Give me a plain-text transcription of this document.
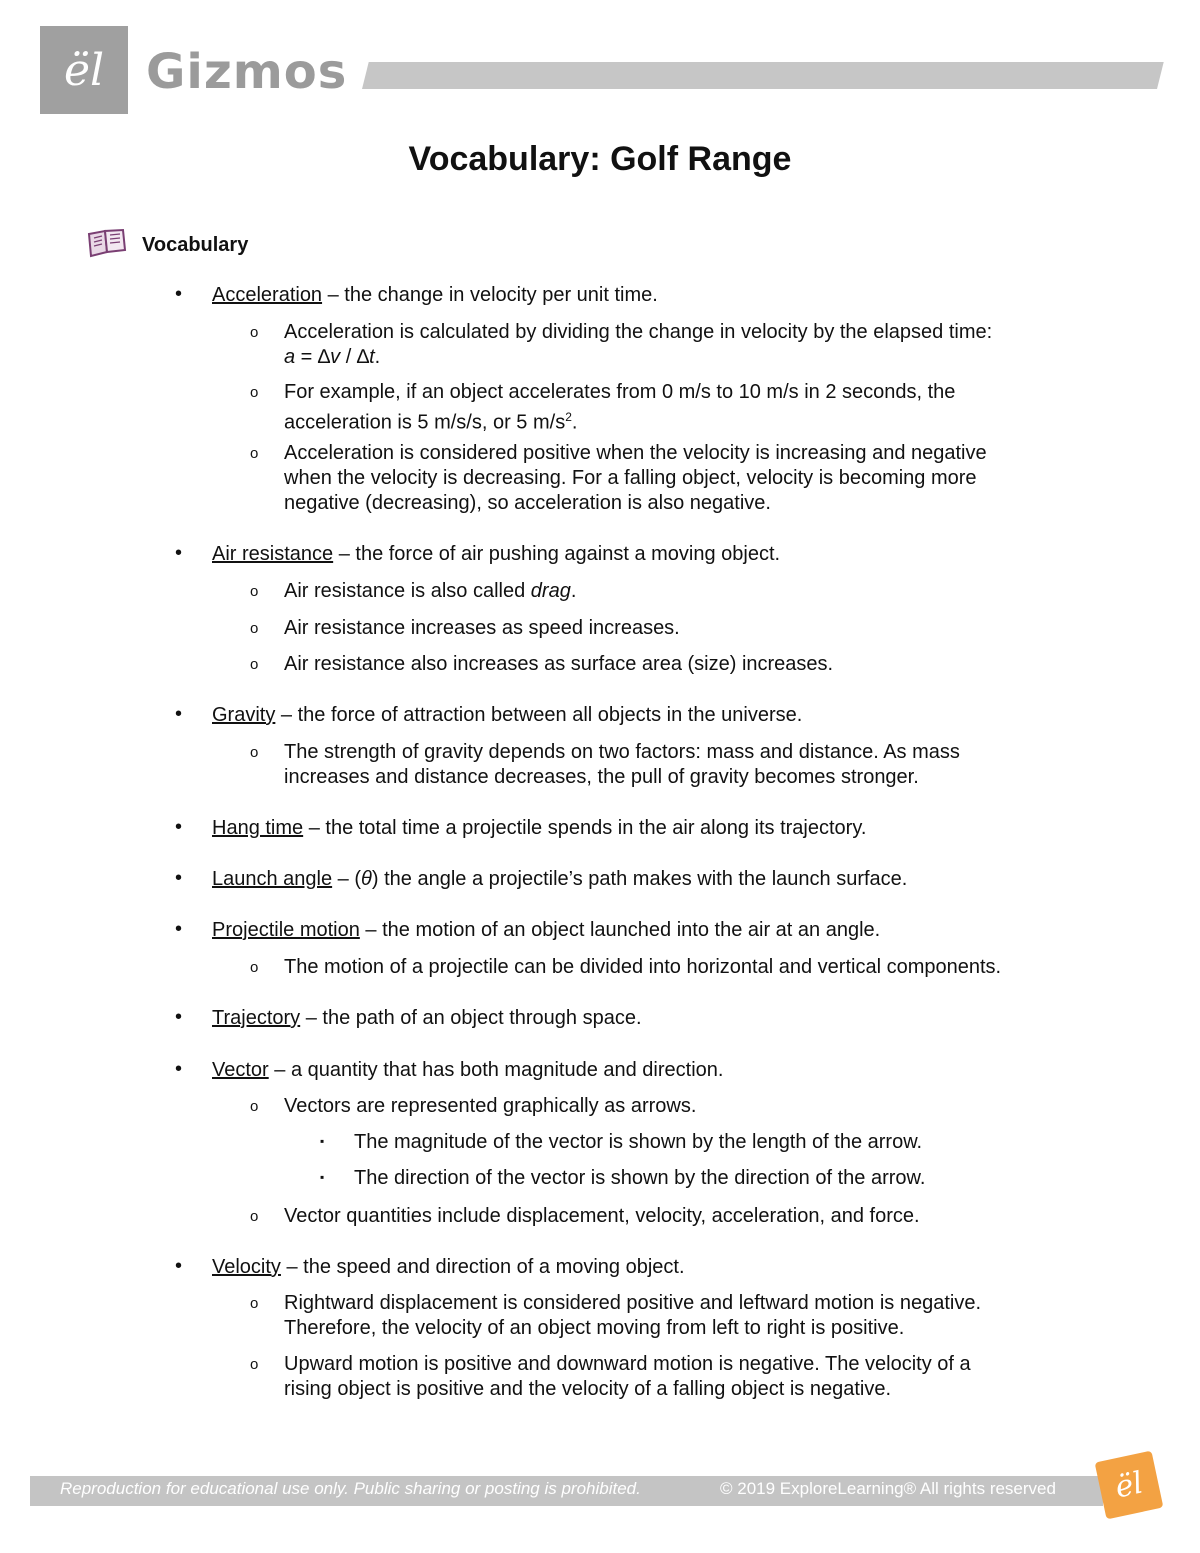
ël Gizmos
Vocabulary: Golf Range
Vocabulary
• Acceleration – the change in velocity per unit time.
o Acceleration is calculated by dividing the change in velocity by the elapsed time:
a = ∆v / ∆t.
o For example, if an object accelerates from 0 m/s to 10 m/s in 2 seconds, the
acceleration is 5 m/s/s, or 5 $m/s^2$.
o Acceleration is considered positive when the velocity is increasing and negative
when the velocity is decreasing. For a falling object, velocity is becoming more
negative (decreasing), so acceleration is also negative.
• Air resistance – the force of air pushing against a moving object.
o Air resistance is also called drag.
o Air resistance increases as speed increases.
o Air resistance also increases as surface area (size) increases.
• Gravity – the force of attraction between all objects in the universe.
o The strength of gravity depends on two factors: mass and distance. As mass
increases and distance decreases, the pull of gravity becomes stronger.
• Hang time – the total time a projectile spends in the air along its trajectory.
• Launch angle – (θ) the angle a projectile’s path makes with the launch surface.
• Projectile motion – the motion of an object launched into the air at an angle.
o The motion of a projectile can be divided into horizontal and vertical components.
• Trajectory – the path of an object through space.
• Vector – a quantity that has both magnitude and direction.
o Vectors are represented graphically as arrows.
▪ The magnitude of the vector is shown by the length of the arrow.
▪ The direction of the vector is shown by the direction of the arrow.
o Vector quantities include displacement, velocity, acceleration, and force.
• Velocity – the speed and direction of a moving object.
o Rightward displacement is considered positive and leftward motion is negative.
Therefore, the velocity of an object moving from left to right is positive.
o Upward motion is positive and downward motion is negative. The velocity of a
rising object is positive and the velocity of a falling object is negative.
Reproduction for educational use only. Public sharing or posting is prohibited.	© 2019 ExploreLearning® All rights reserved ël
